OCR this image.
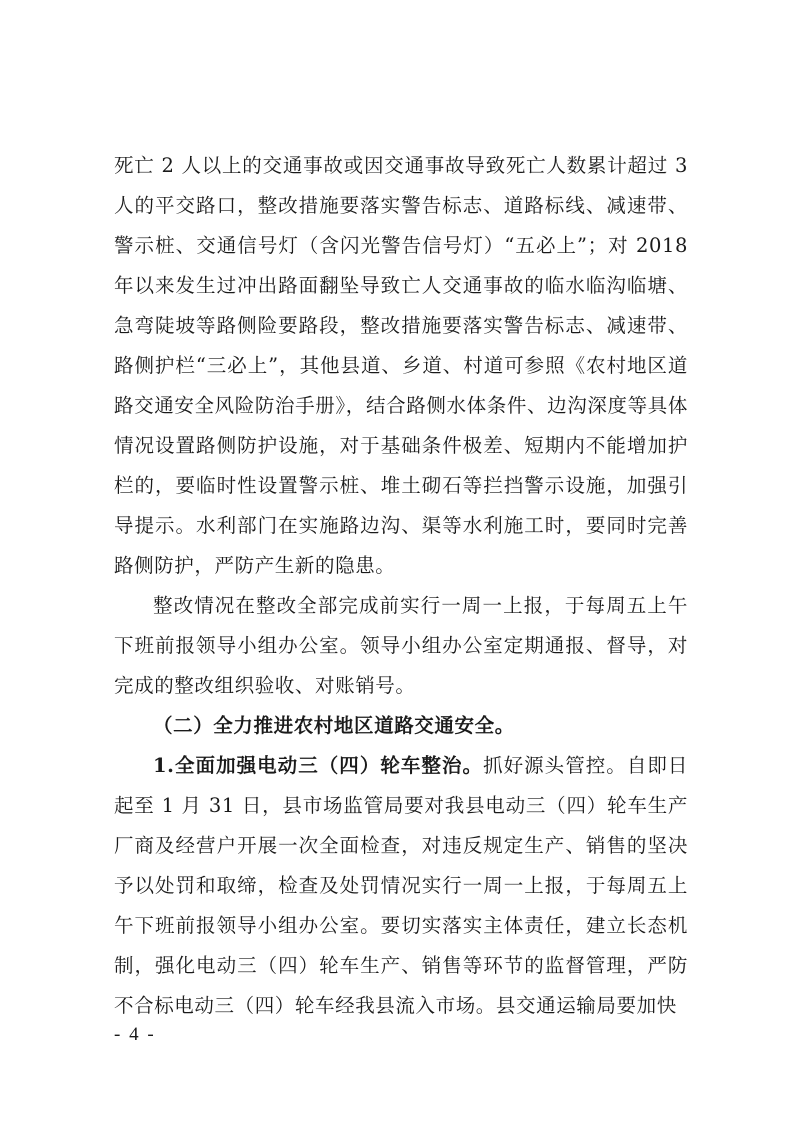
死亡 2 人以上的交通事故或因交通事故导致死亡人数累计超过 3 人的平交路口，整改措施要落实警告标志、道路标线、减速带、警示桩、交通信号灯（含闪光警告信号灯）“五必上”；对 2018 年以来发生过冲出路面翻坠导致亡人交通事故的临水临沟临塘、急弯陡坡等路侧险要路段，整改措施要落实警告标志、减速带、路侧护栏“三必上”，其他县道、乡道、村道可参照《农村地区道路交通安全风险防治手册》，结合路侧水体条件、边沟深度等具体情况设置路侧防护设施，对于基础条件极差、短期内不能增加护栏的，要临时性设置警示桩、堆土砌石等拦挡警示设施，加强引导提示。水利部门在实施路边沟、渠等水利施工时，要同时完善路侧防护，严防产生新的隐患。

整改情况在整改全部完成前实行一周一上报，于每周五上午下班前报领导小组办公室。领导小组办公室定期通报、督导，对完成的整改组织验收、对账销号。

（二）全力推进农村地区道路交通安全。

1.全面加强电动三（四）轮车整治。抓好源头管控。自即日起至 1 月 31 日，县市场监管局要对我县电动三（四）轮车生产厂商及经营户开展一次全面检查，对违反规定生产、销售的坚决予以处罚和取缔，检查及处罚情况实行一周一上报，于每周五上午下班前报领导小组办公室。要切实落实主体责任，建立长态机制，强化电动三（四）轮车生产、销售等环节的监督管理，严防不合标电动三（四）轮车经我县流入市场。县交通运输局要加快

- 4 -
